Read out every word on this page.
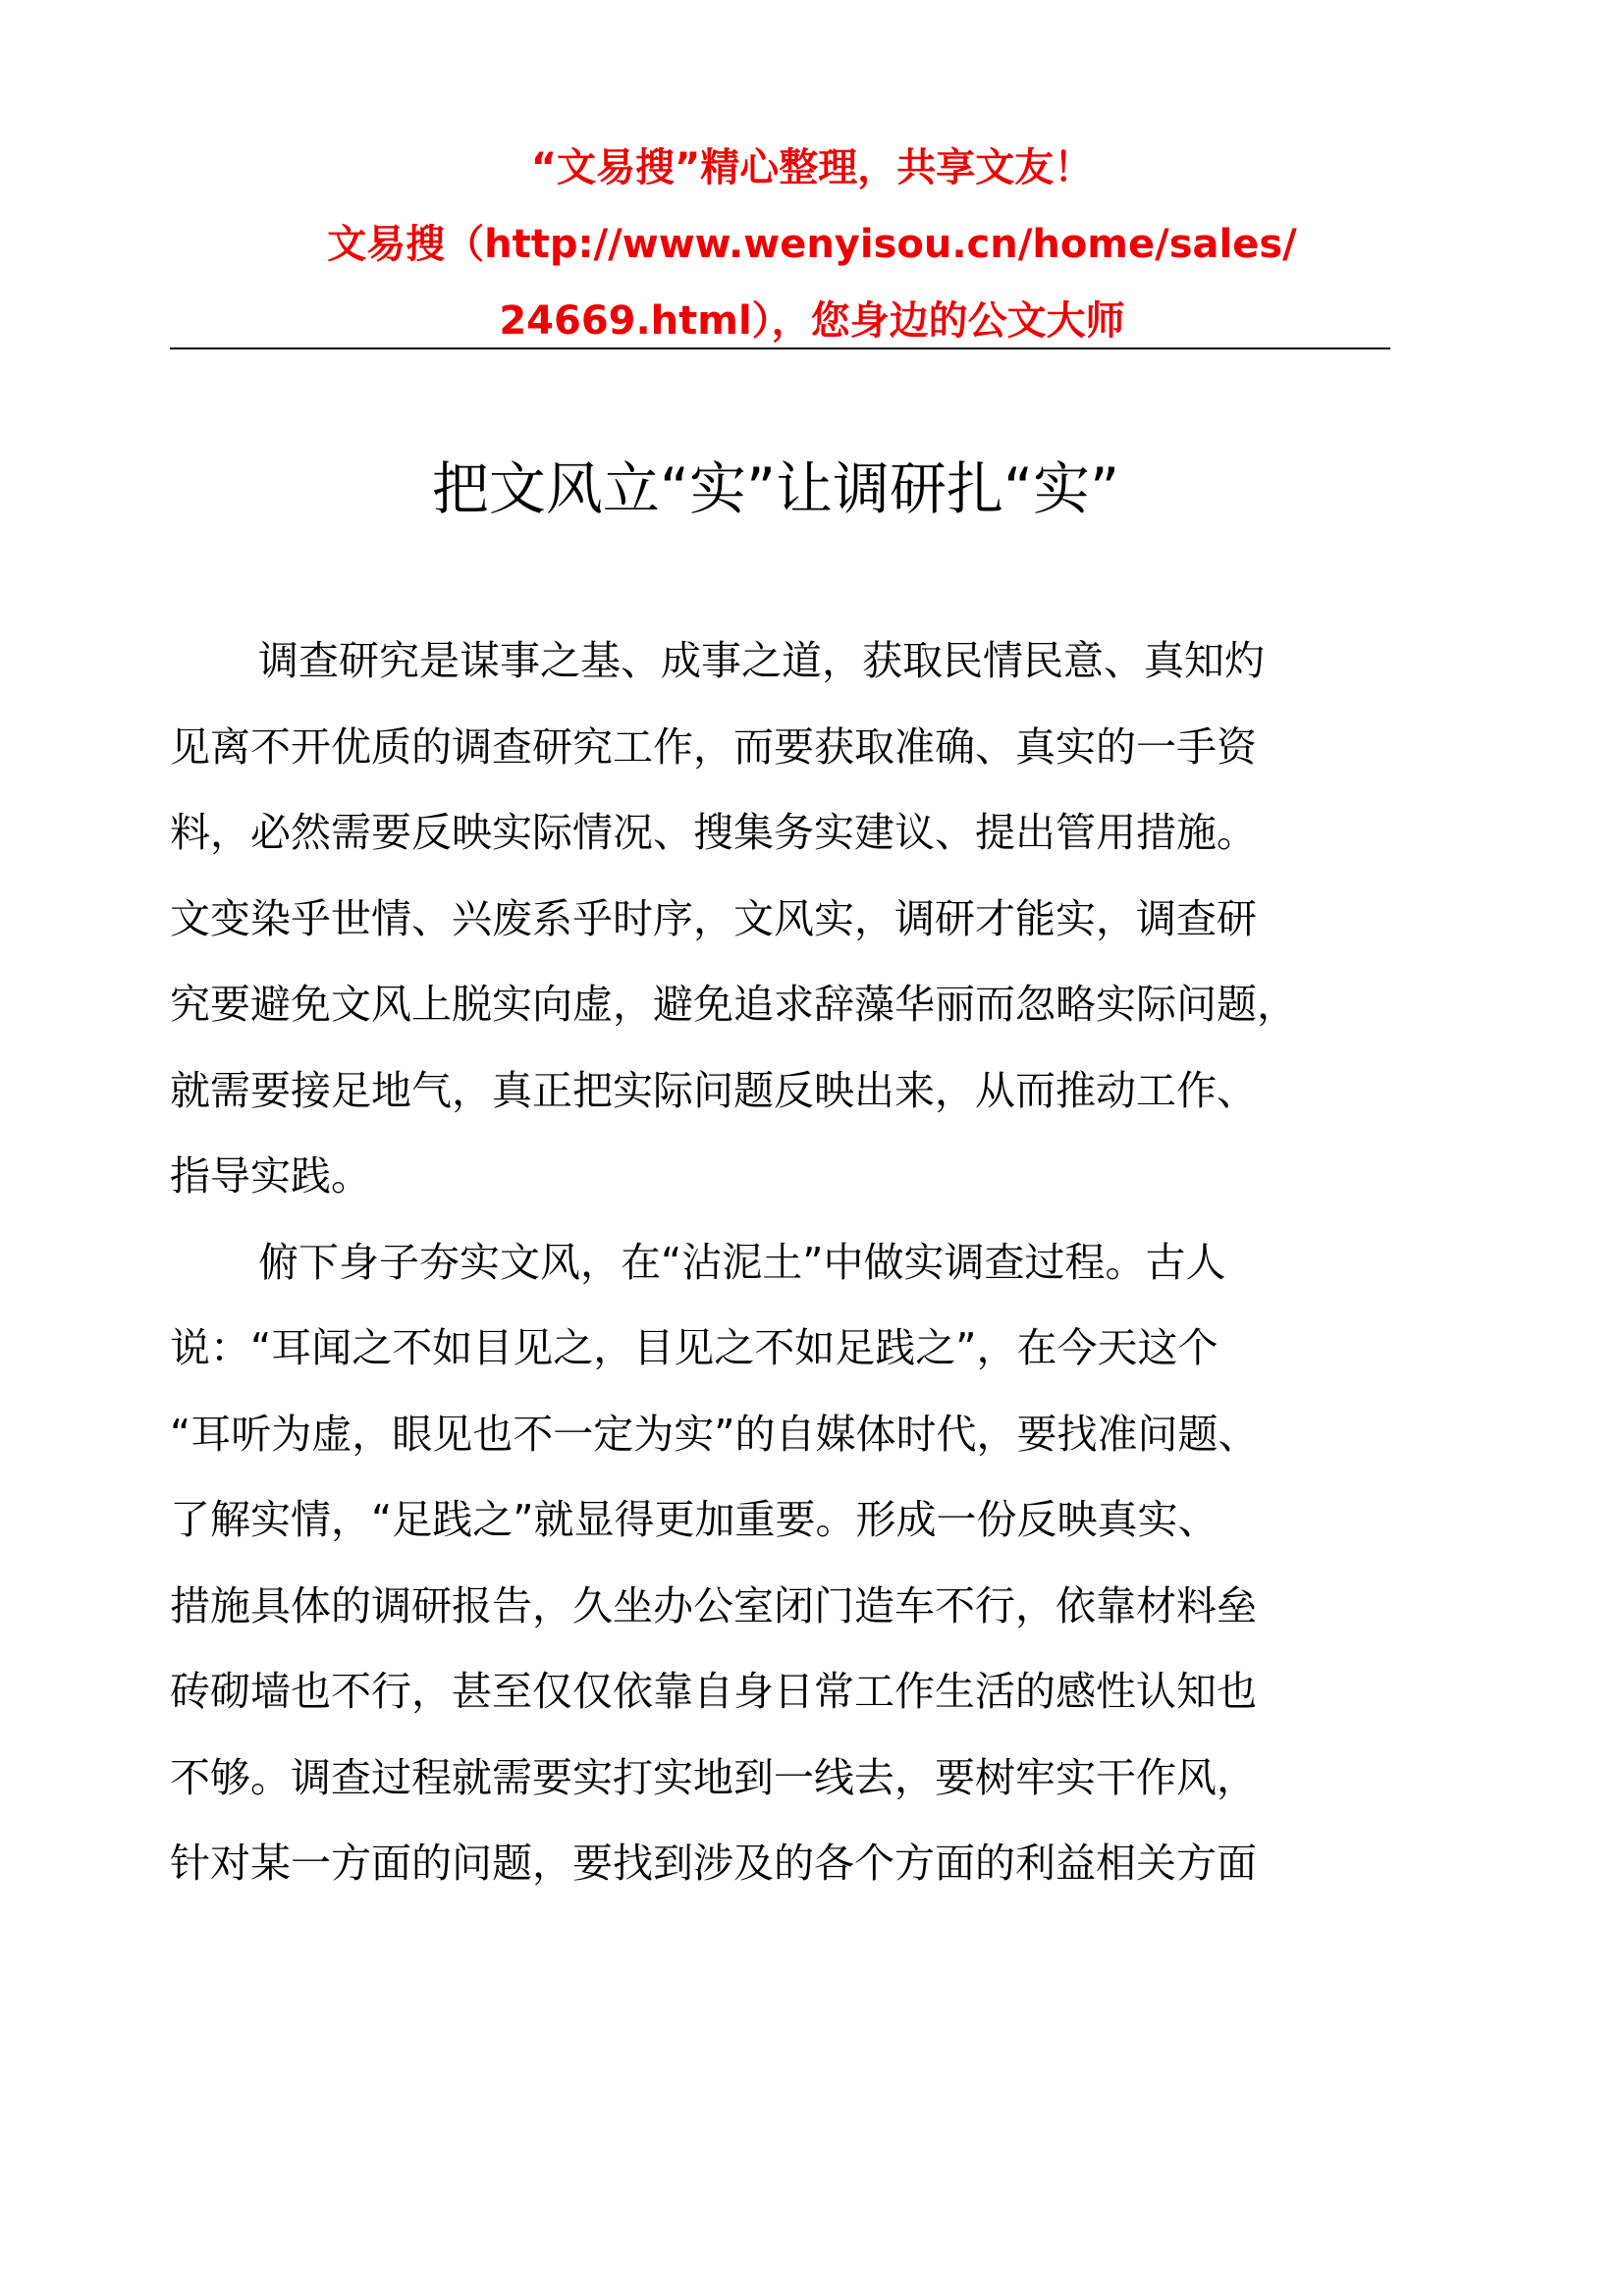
“文易搜”精心整理，共享文友！
文易搜（http://www.wenyisou.cn/home/sales/
24669.html），您身边的公文大师
把文风立“实”让调研扎“实”
调查研究是谋事之基、成事之道，获取民情民意、真知灼
见离不开优质的调查研究工作，而要获取准确、真实的一手资
料，必然需要反映实际情况、搜集务实建议、提出管用措施。
文变染乎世情、兴废系乎时序，文风实，调研才能实，调查研
究要避免文风上脱实向虚，避免追求辞藻华丽而忽略实际问题，
就需要接足地气，真正把实际问题反映出来，从而推动工作、
指导实践。
俯下身子夯实文风，在“沾泥土”中做实调查过程。古人
说：“耳闻之不如目见之，目见之不如足践之”，在今天这个
“耳听为虚，眼见也不一定为实”的自媒体时代，要找准问题、
了解实情，“足践之”就显得更加重要。形成一份反映真实、
措施具体的调研报告，久坐办公室闭门造车不行，依靠材料垒
砖砌墙也不行，甚至仅仅依靠自身日常工作生活的感性认知也
不够。调查过程就需要实打实地到一线去，要树牢实干作风，
针对某一方面的问题，要找到涉及的各个方面的利益相关方面
